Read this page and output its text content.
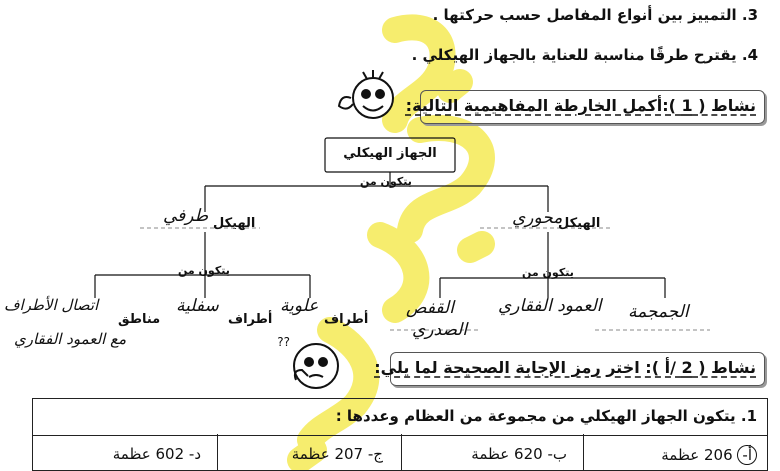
3. التمييز بين أنواع المفاصل حسب حركتها .
4. يقترح طرقًا مناسبة للعناية بالجهاز الهيكلي .
نشاط ( 1 ):أكمل الخارطة المفاهيمية التالية:
الجهاز الهيكلي
يتكون من
الهيكل
طرفي	الهيكل
محوري
يتكون من	يتكون من
أطراف
علوية
أطراف
سفلية
مناطق
اتصال الأطراف
مع العمود الفقاري
الجمجمة
العمود الفقاري
القفص
الصدري
??
نشاط ( 2 /أ ): اختر رمز الإجابة الصحيحة لما يلي:
1. يتكون الجهاز الهيكلي من مجموعة من العظام وعددها :
أ- 206 عظمة
ب- 620 عظمة
ج- 207 عظمة
د- 602 عظمة
